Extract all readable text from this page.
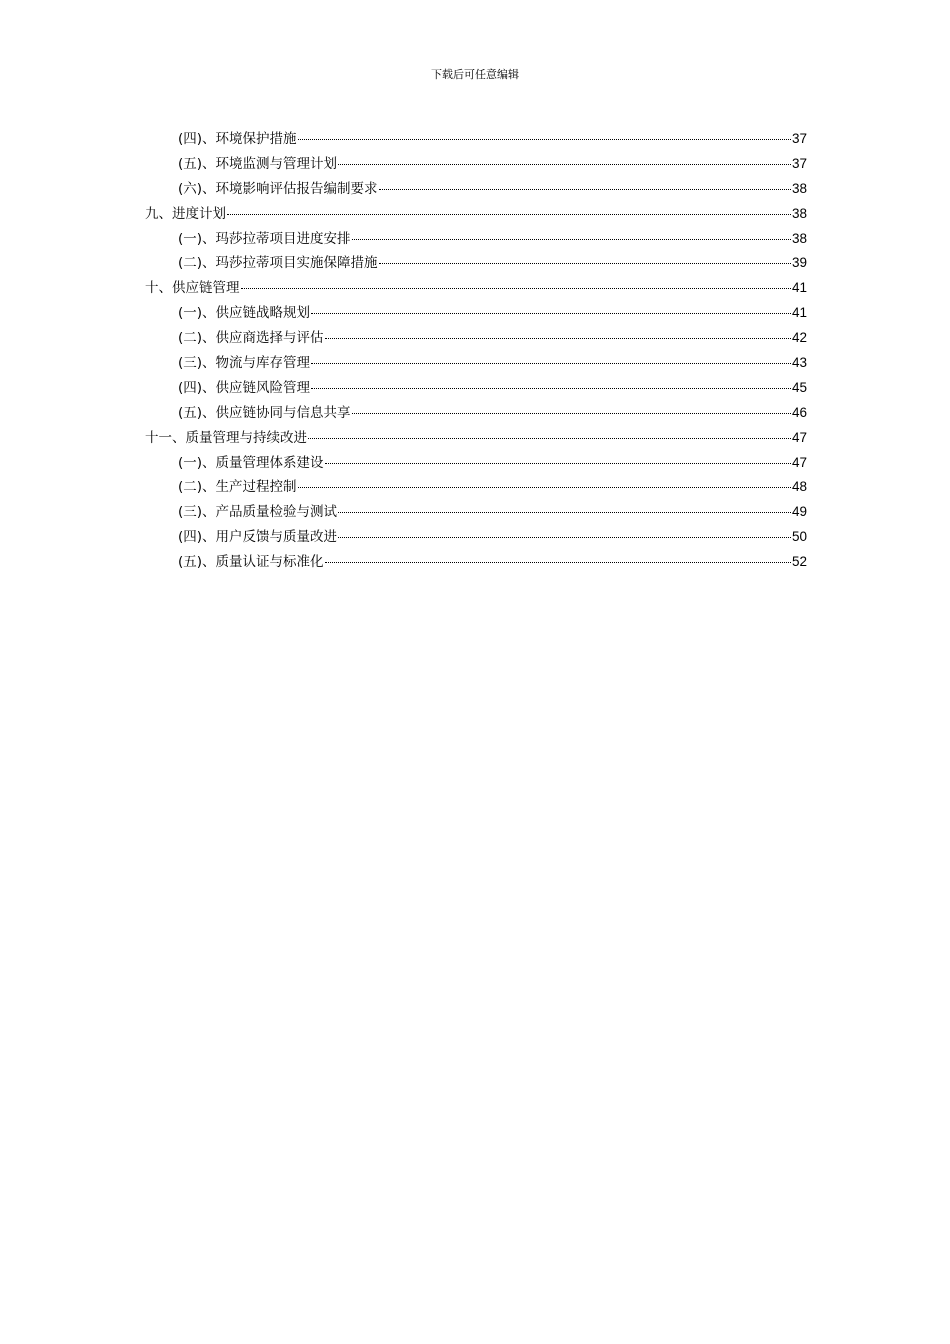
下载后可任意编辑
(四)、环境保护措施	37
(五)、环境监测与管理计划	37
(六)、环境影响评估报告编制要求	38
九、进度计划	38
(一)、玛莎拉蒂项目进度安排	38
(二)、玛莎拉蒂项目实施保障措施	39
十、供应链管理	41
(一)、供应链战略规划	41
(二)、供应商选择与评估	42
(三)、物流与库存管理	43
(四)、供应链风险管理	45
(五)、供应链协同与信息共享	46
十一、质量管理与持续改进	47
(一)、质量管理体系建设	47
(二)、生产过程控制	48
(三)、产品质量检验与测试	49
(四)、用户反馈与质量改进	50
(五)、质量认证与标准化	52
